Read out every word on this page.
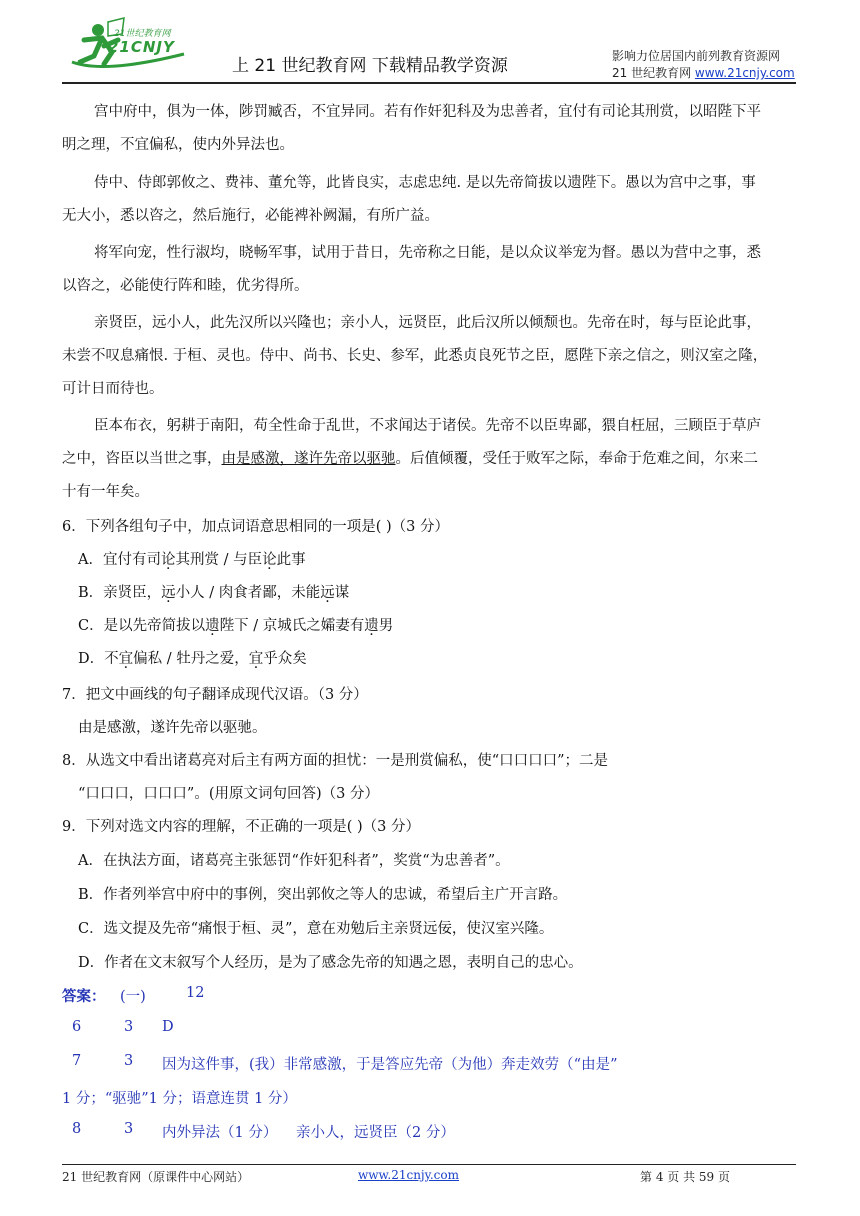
21世纪教育网
21CNJY
上 21 世纪教育网 下载精品教学资源	影响力位居国内前列教育资源网
21 世纪教育网 www.21cnjy.com
宫中府中，俱为一体，陟罚臧否，不宜异同。若有作奸犯科及为忠善者，宜付有司论其刑赏，以昭陛下平
明之理，不宜偏私，使内外异法也。
侍中、侍郎郭攸之、费祎、董允等，此皆良实，志虑忠纯. 是以先帝简拔以遗陛下。愚以为宫中之事，事
无大小，悉以咨之，然后施行，必能裨补阙漏，有所广益。
将军向宠，性行淑均，晓畅军事，试用于昔日，先帝称之日能，是以众议举宠为督。愚以为营中之事，悉
以咨之，必能使行阵和睦，优劣得所。
亲贤臣，远小人，此先汉所以兴隆也；亲小人，远贤臣，此后汉所以倾颓也。先帝在时，每与臣论此事，
未尝不叹息痛恨. 于桓、灵也。侍中、尚书、长史、参军，此悉贞良死节之臣，愿陛下亲之信之，则汉室之隆，
可计日而待也。
臣本布衣，躬耕于南阳，苟全性命于乱世，不求闻达于诸侯。先帝不以臣卑鄙，猥自枉屈，三顾臣于草庐
之中，咨臣以当世之事，由是感激，遂许先帝以驱驰。后值倾覆，受任于败军之际，奉命于危难之间，尔来二
十有一年矣。
6．下列各组句子中，加点词语意思相同的一项是( )（3 分）
A．宜付有司论其刑赏 / 与臣论此事
B．亲贤臣，远小人 / 肉食者鄙，未能远谋
C．是以先帝简拔以遗陛下 / 京城氏之孀妻有遗男
D．不宜偏私 / 牡丹之爱，宜乎众矣
7．把文中画线的句子翻译成现代汉语。（3 分）
由是感激，遂许先帝以驱驰。
8．从选文中看出诸葛亮对后主有两方面的担忧：一是刑赏偏私，使“口口口口”；二是
“口口口，口口口”。(用原文词句回答)（3 分）
9．下列对选文内容的理解，不正确的一项是( )（3 分）
A．在执法方面，诸葛亮主张惩罚“作奸犯科者”，奖赏“为忠善者”。
B．作者列举宫中府中的事例，突出郭攸之等人的忠诚，希望后主广开言路。
C．选文提及先帝“痛恨于桓、灵”，意在劝勉后主亲贤远佞，使汉室兴隆。
D．作者在文末叙写个人经历，是为了感念先帝的知遇之恩，表明自己的忠心。
答案： (一)	12
6	3 D
7	3 因为这件事，(我）非常感激，于是答应先帝（为他）奔走效劳（“由是”
1 分；“驱驰”1 分；语意连贯 1 分）
8	3 内外异法（1 分） 亲小人，远贤臣（2 分）
21 世纪教育网（原课件中心网站）	www.21cnjy.com	第 4 页 共 59 页
